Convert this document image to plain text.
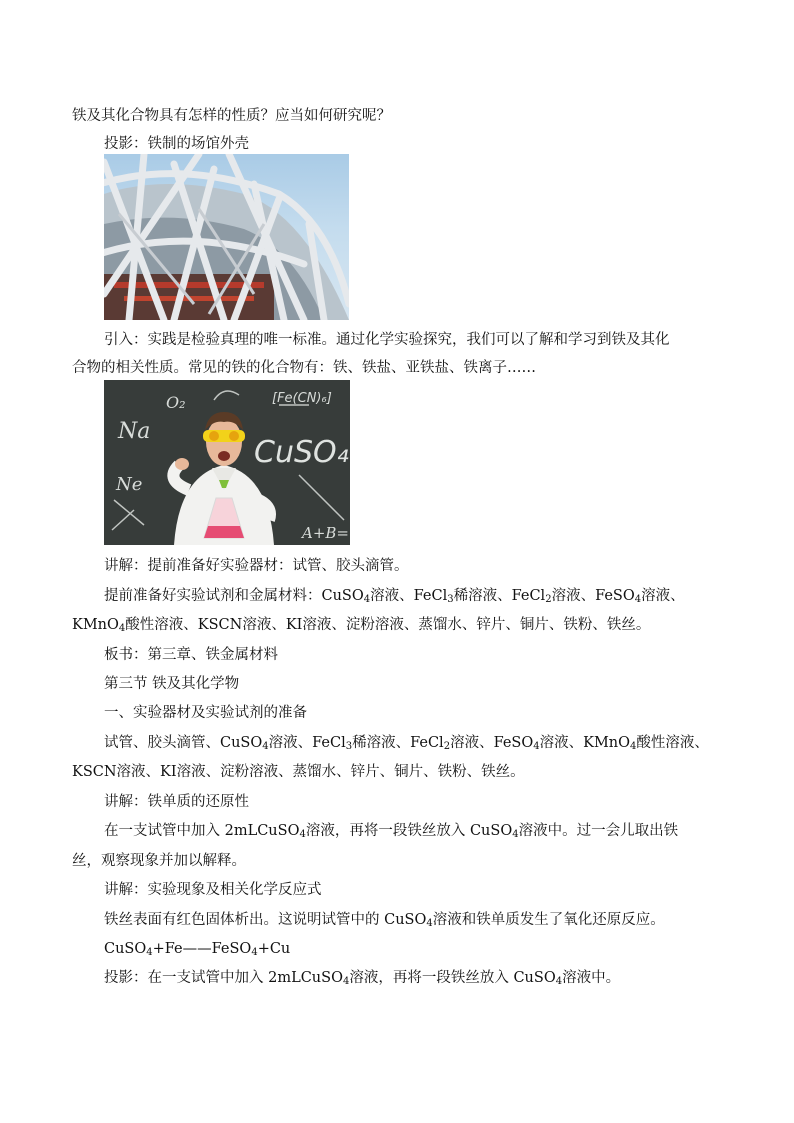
铁及其化合物具有怎样的性质？应当如何研究呢？
投影：铁制的场馆外壳
引入：实践是检验真理的唯一标准。通过化学实验探究，我们可以了解和学习到铁及其化
合物的相关性质。常见的铁的化合物有：铁、铁盐、亚铁盐、铁离子……
Na
O₂	[Fe(CN)₆]
CuSO₄
Ne
A+B=
讲解：提前准备好实验器材：试管、胶头滴管。
提前准备好实验试剂和金属材料：CuSO$_4$溶液、FeCl$_3$稀溶液、FeCl$_2$溶液、FeSO$_4$溶液、
KMnO$_4$酸性溶液、KSCN溶液、KI溶液、淀粉溶液、蒸馏水、锌片、铜片、铁粉、铁丝。
板书：第三章、铁金属材料
第三节 铁及其化学物
一、实验器材及实验试剂的准备
试管、胶头滴管、CuSO$_4$溶液、FeCl$_3$稀溶液、FeCl$_2$溶液、FeSO$_4$溶液、KMnO$_4$酸性溶液、
KSCN溶液、KI溶液、淀粉溶液、蒸馏水、锌片、铜片、铁粉、铁丝。
讲解：铁单质的还原性
在一支试管中加入 2mLCuSO$_4$溶液，再将一段铁丝放入 CuSO$_4$溶液中。过一会儿取出铁
丝，观察现象并加以解释。
讲解：实验现象及相关化学反应式
铁丝表面有红色固体析出。这说明试管中的 CuSO$_4$溶液和铁单质发生了氧化还原反应。
CuSO$_4$+Fe——FeSO$_4$+Cu
投影：在一支试管中加入 2mLCuSO$_4$溶液，再将一段铁丝放入 CuSO$_4$溶液中。
